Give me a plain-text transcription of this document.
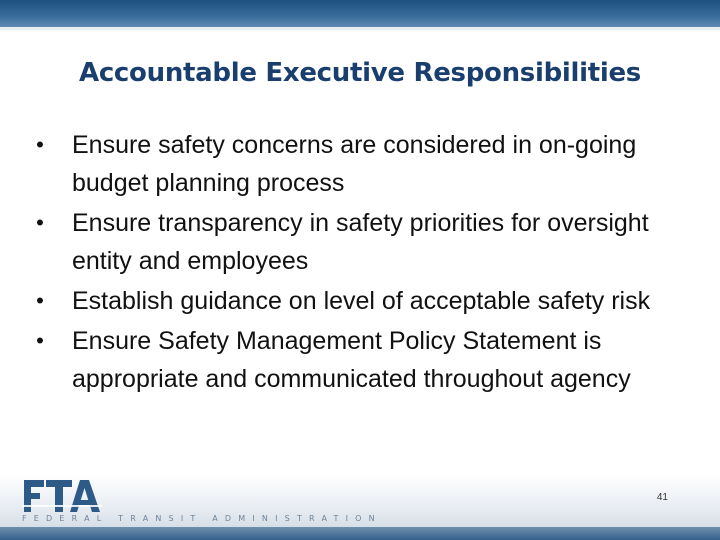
Accountable Executive Responsibilities
• Ensure safety concerns are considered in on-going budget planning process
• Ensure transparency in safety priorities for oversight entity and employees
• Establish guidance on level of acceptable safety risk
• Ensure Safety Management Policy Statement is appropriate and communicated throughout agency
FEDERAL TRANSIT ADMINISTRATION
41
